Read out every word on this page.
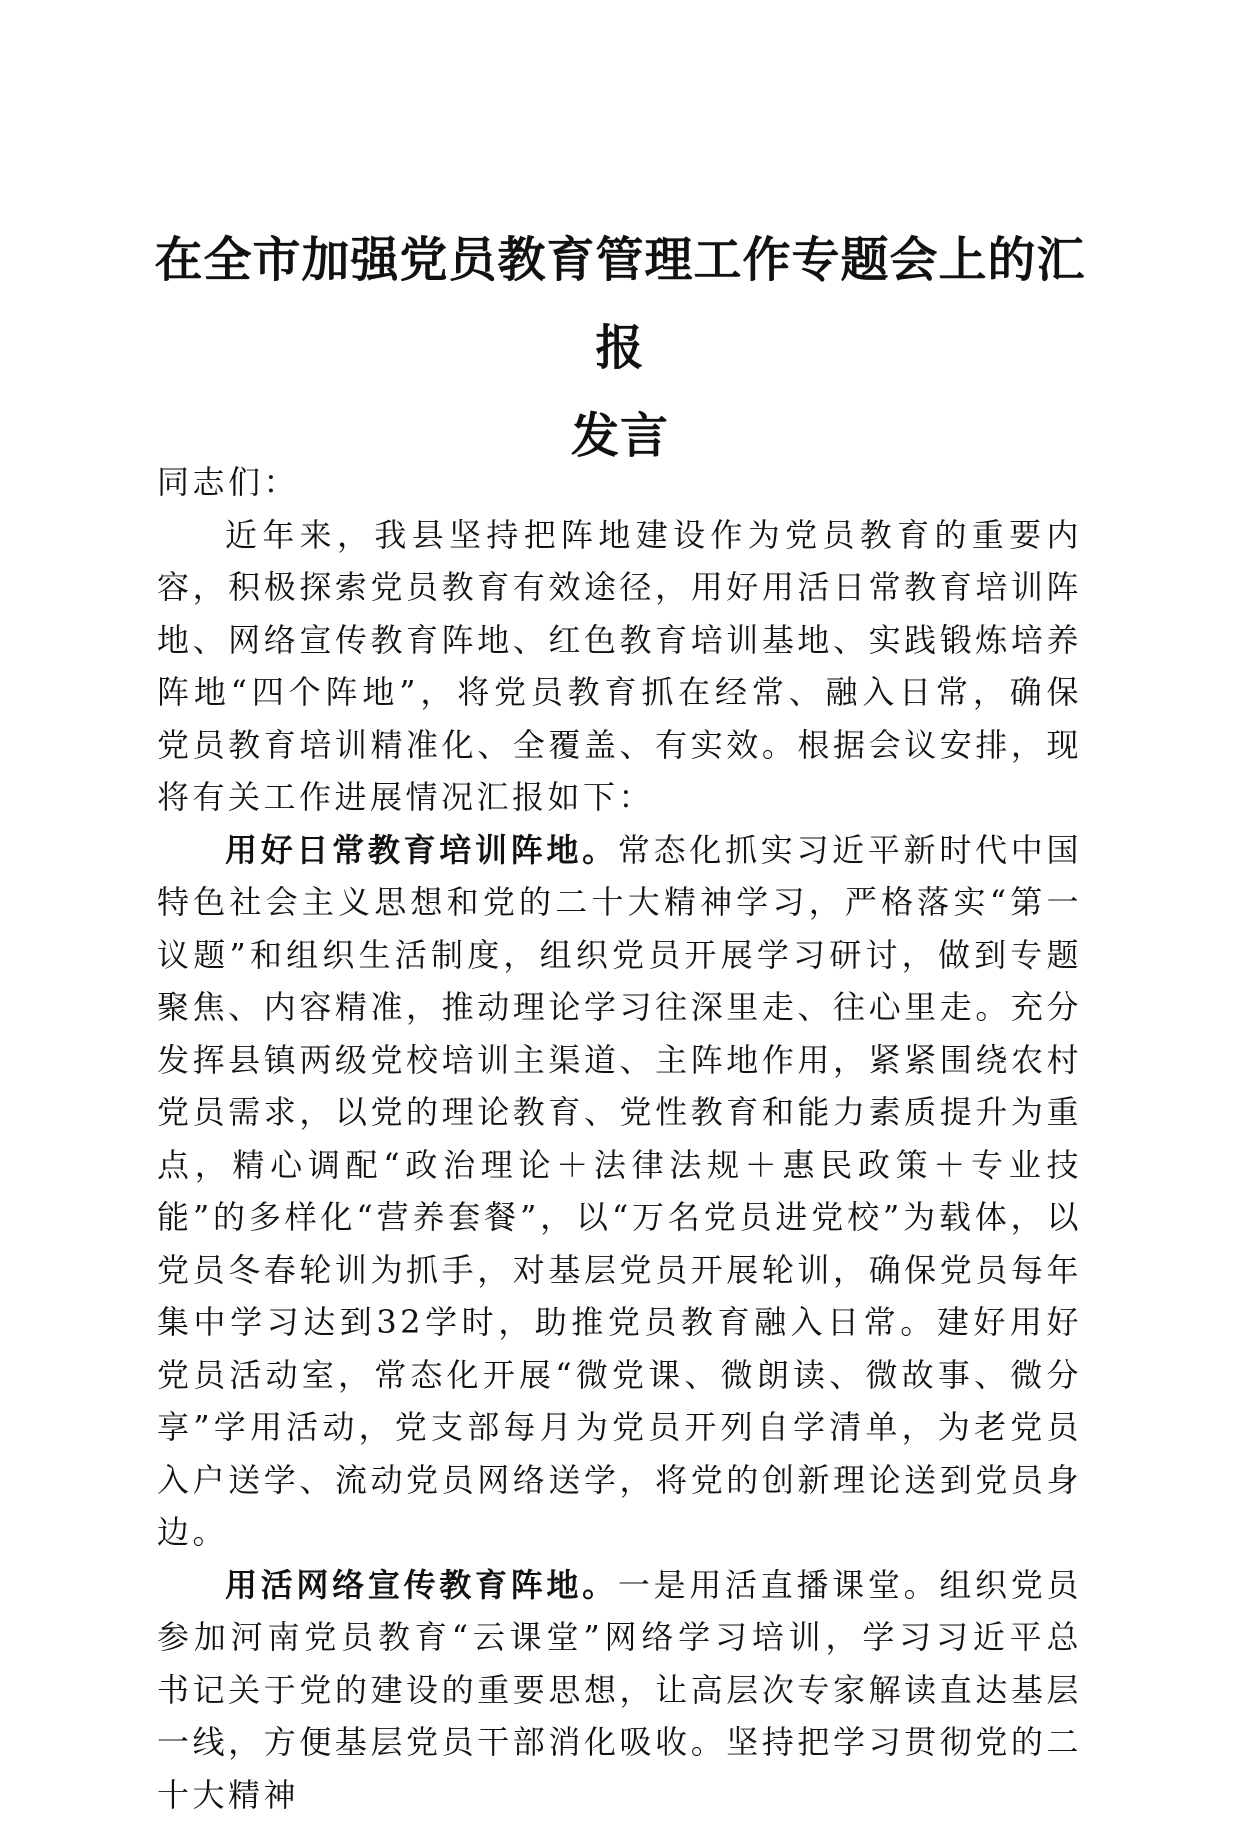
在全市加强党员教育管理工作专题会上的汇报
发言

同志们：

近年来，我县坚持把阵地建设作为党员教育的重要内容，积极探索党员教育有效途径，用好用活日常教育培训阵地、网络宣传教育阵地、红色教育培训基地、实践锻炼培养阵地“四个阵地”，将党员教育抓在经常、融入日常，确保党员教育培训精准化、全覆盖、有实效。根据会议安排，现将有关工作进展情况汇报如下：

用好日常教育培训阵地。常态化抓实习近平新时代中国特色社会主义思想和党的二十大精神学习，严格落实“第一议题”和组织生活制度，组织党员开展学习研讨，做到专题聚焦、内容精准，推动理论学习往深里走、往心里走。充分发挥县镇两级党校培训主渠道、主阵地作用，紧紧围绕农村党员需求，以党的理论教育、党性教育和能力素质提升为重点，精心调配“政治理论＋法律法规＋惠民政策＋专业技能”的多样化“营养套餐”，以“万名党员进党校”为载体，以党员冬春轮训为抓手，对基层党员开展轮训，确保党员每年集中学习达到32学时，助推党员教育融入日常。建好用好党员活动室，常态化开展“微党课、微朗读、微故事、微分享”学用活动，党支部每月为党员开列自学清单，为老党员入户送学、流动党员网络送学，将党的创新理论送到党员身边。

用活网络宣传教育阵地。一是用活直播课堂。组织党员参加河南党员教育“云课堂”网络学习培训，学习习近平总书记关于党的建设的重要思想，让高层次专家解读直达基层一线，方便基层党员干部消化吸收。坚持把学习贯彻党的二十大精神
